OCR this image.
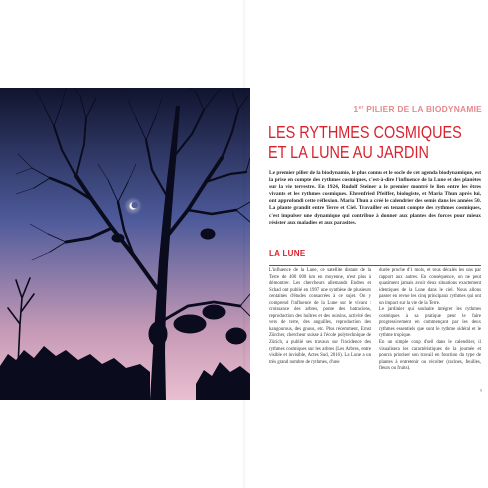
1er PILIER DE LA BIODYNAMIE
LES RYTHMES COSMIQUES
ET LA LUNE AU JARDIN

Le premier pilier de la biodynamie, le plus connu et le socle de cet agenda biodynamique, est la prise en compte des rythmes cosmiques, c'est-à-dire l'influence de la Lune et des planètes sur la vie terrestre. En 1924, Rudolf Steiner a le premier montré le lien entre les êtres vivants et les rythmes cosmiques. Ehrenfried Pfeiffer, biologiste, et Maria Thun après lui, ont approfondi cette réflexion. Maria Thun a créé le calendrier des semis dans les années 50. La plante grandit entre Terre et Ciel. Travailler en tenant compte des rythmes cosmiques, c'est impulser une dynamique qui contribue à donner aux plantes des forces pour mieux résister aux maladies et aux parasites.

LA LUNE

L'influence de la Lune, ce satellite distant de la Terre de 400 000 km en moyenne, n'est plus à démontrer. Les chercheurs allemands Endres et Schad ont publié en 1997 une synthèse de plusieurs centaines d'études consacrées à ce sujet. On y comprend l'influence de la Lune sur le vivant : croissance des arbres, ponte des batraciens, reproduction des huîtres et des oursins, activité des vers de terre, des anguilles, reproduction des kangourous, des gnous, etc. Plus récemment, Ernst Zürcher, chercheur suisse à l'école polytechnique de Zürich, a publié ses travaux sur l'incidence des rythmes cosmiques sur les arbres (Les Arbres, entre visible et invisible, Actes Sud, 2016). La Lune a un très grand nombre de rythmes, d'une

durée proche d'1 mois, et tous décalés les uns par rapport aux autres. En conséquence, on ne peut quasiment jamais avoir deux situations exactement identiques de la Lune dans le ciel. Nous allons passer en revue les cinq principaux rythmes qui ont un impact sur la vie de la Terre.

Le jardinier qui souhaite intégrer les rythmes cosmiques à sa pratique peut le faire progressivement en commençant par les deux rythmes essentiels que sont le rythme sidéral et le rythme tropique.

En un simple coup d'œil dans le calendrier, il visualisera les caractéristiques de la journée et pourra prioriser son travail en fonction du type de plantes à entretenir ou récolter (racines, feuilles, fleurs ou fruits).

9
